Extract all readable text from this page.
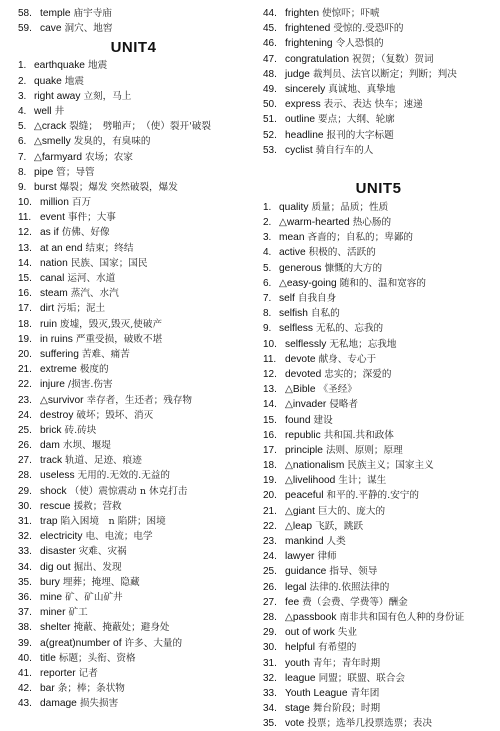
58. temple 庙宇寺庙
59. cave 洞穴、地窖
UNIT4
1. earthquake 地震
2. quake 地震
3. right away 立刻，马上
4. well 井
5. △crack 裂缝；　劈啪声；　（使）裂开'破裂
6. △smelly 发臭的，有臭味的
7. △farmyard 农场；农家
8. pipe 管；导管
9. burst 爆裂；爆发 突然破裂，爆发
10. million 百万
11. event 事件；大事
12. as if 仿佛、好像
13. at an end 结束；终结
14. nation 民族、国家；国民
15. canal 运河、水道
16. steam 蒸汽、水汽
17. dirt 污垢；泥土
18. ruin 废墟，毁灭,毁灭,使破产
19. in ruins 严重受损，破败不堪
20. suffering 苦难、痛苦
21. extreme 极度的
22. injure /损害.伤害
23. △survivor 幸存者，生还者；残存物
24. destroy 破坏；毁坏、消灭
25. brick 砖.砖块
26. dam 水坝、堰堤
27. track 轨道、足迹、痕迹
28. useless 无用的.无效的.无益的
29. shock （使）震惊震动 n 休克打击
30. rescue 援救；营救
31. trap 陷入困境　n 陷阱；困境
32. electricity 电、电流；电学
33. disaster 灾难、灾祸
34. dig out 掘出、发现
35. bury 埋葬；掩埋、隐藏
36. mine 矿、矿山矿井
37. miner 矿工
38. shelter 掩蔽、掩蔽处；避身处
39. a(great)number of 许多、大量的
40. title 标题；头衔、资格
41. reporter 记者
42. bar 条；棒；条状物
43. damage 损失损害
44. frighten 使惊吓；吓唬
45. frightened 受惊的.受恐吓的
46. frightening 令人恐惧的
47. congratulation 祝贺；（复数）贺词
48. judge 裁判员、法官以断定；判断；判决
49. sincerely 真诚地、真挚地
50. express 表示、表达 快车；速递
51. outline 要点；大纲、轮廓
52. headline 报刊的大字标题
53. cyclist 骑自行车的人
UNIT5
1. quality 质量；品质；性质
2. △warm-hearted 热心肠的
3. mean 吝啬的；自私的；卑鄙的
4. active 积极的、活跃的
5. generous 慷慨的大方的
6. △easy-going 随和的、温和宽容的
7. self 自我自身
8. selfish 自私的
9. selfless 无私的、忘我的
10. selflessly 无私地；忘我地
11. devote 献身、专心于
12. devoted 忠实的；深爱的
13. △Bible 《圣经》
14. △invader 侵略者
15. found 建设
16. republic 共和国.共和政体
17. principle 法则、原则；原理
18. △nationalism 民族主义；国家主义
19. △livelihood 生计；谋生
20. peaceful 和平的.平静的.安宁的
21. △giant 巨大的、庞大的
22. △leap 飞跃，跳跃
23. mankind 人类
24. lawyer 律师
25. guidance 指导、领导
26. legal 法律的.依照法律的
27. fee 费（会费、学费等）酬金
28. △passbook 南非共和国有色人种的身份证
29. out of work 失业
30. helpful 有希望的
31. youth 青年；青年时期
32. league 同盟；联盟、联合会
33. Youth League 青年团
34. stage 舞台阶段；时期
35. vote 投票；选举几投票选票；表决
